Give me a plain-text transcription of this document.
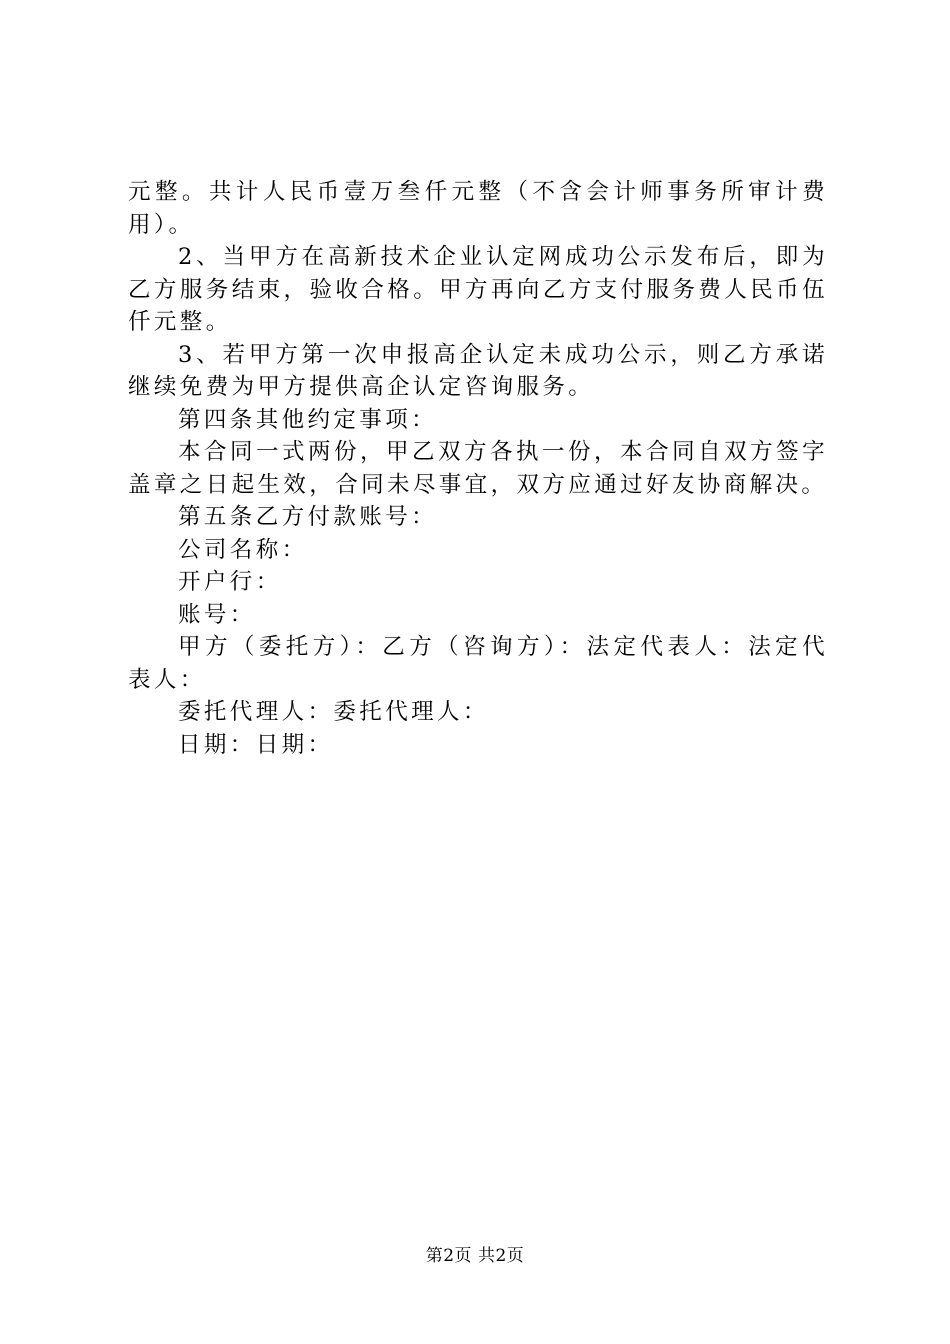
元整。共计人民币壹万叁仟元整（不含会计师事务所审计费用）。

2、当甲方在高新技术企业认定网成功公示发布后，即为乙方服务结束，验收合格。甲方再向乙方支付服务费人民币伍仟元整。

3、若甲方第一次申报高企认定未成功公示，则乙方承诺继续免费为甲方提供高企认定咨询服务。

第四条其他约定事项：

本合同一式两份，甲乙双方各执一份，本合同自双方签字盖章之日起生效，合同未尽事宜，双方应通过好友协商解决。

第五条乙方付款账号：

公司名称：

开户行：

账号：

甲方（委托方）：乙方（咨询方）：法定代表人：法定代表人：

委托代理人：委托代理人：

日期：日期：

第2页 共2页
